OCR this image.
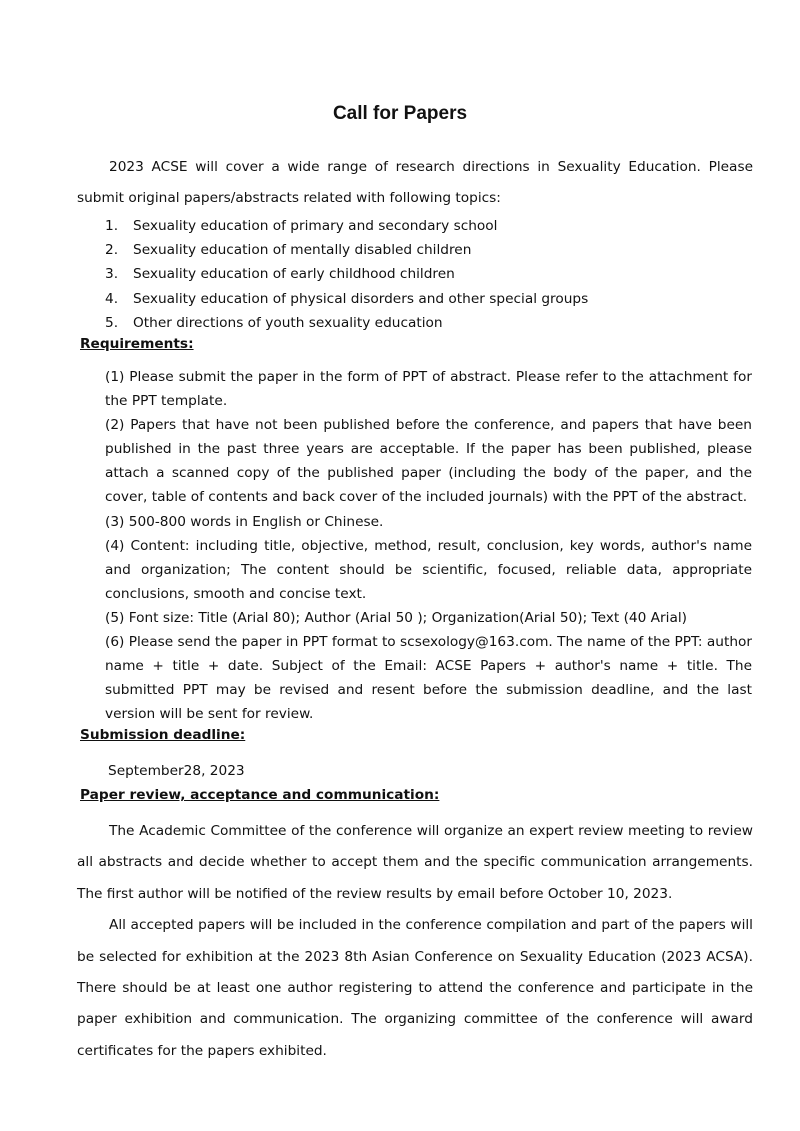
Call for Papers

2023 ACSE will cover a wide range of research directions in Sexuality Education. Please submit original papers/abstracts related with following topics:

1.	Sexuality education of primary and secondary school
2.	Sexuality education of mentally disabled children
3.	Sexuality education of early childhood children
4.	Sexuality education of physical disorders and other special groups
5.	Other directions of youth sexuality education
Requirements:

(1) Please submit the paper in the form of PPT of abstract. Please refer to the attachment for the PPT template.

(2) Papers that have not been published before the conference, and papers that have been published in the past three years are acceptable. If the paper has been published, please attach a scanned copy of the published paper (including the body of the paper, and the cover, table of contents and back cover of the included journals) with the PPT of the abstract.

(3) 500-800 words in English or Chinese.

(4) Content: including title, objective, method, result, conclusion, key words, author's name and organization; The content should be scientific, focused, reliable data, appropriate conclusions, smooth and concise text.

(5) Font size: Title (Arial 80); Author (Arial 50 ); Organization(Arial 50); Text (40 Arial)

(6) Please send the paper in PPT format to scsexology@163.com. The name of the PPT: author name + title + date. Subject of the Email: ACSE Papers + author's name + title. The submitted PPT may be revised and resent before the submission deadline, and the last version will be sent for review.

Submission deadline:
September28, 2023
Paper review, acceptance and communication:

The Academic Committee of the conference will organize an expert review meeting to review all abstracts and decide whether to accept them and the specific communication arrangements. The first author will be notified of the review results by email before October 10, 2023.

All accepted papers will be included in the conference compilation and part of the papers will be selected for exhibition at the 2023 8th Asian Conference on Sexuality Education (2023 ACSA). There should be at least one author registering to attend the conference and participate in the paper exhibition and communication. The organizing committee of the conference will award certificates for the papers exhibited.
